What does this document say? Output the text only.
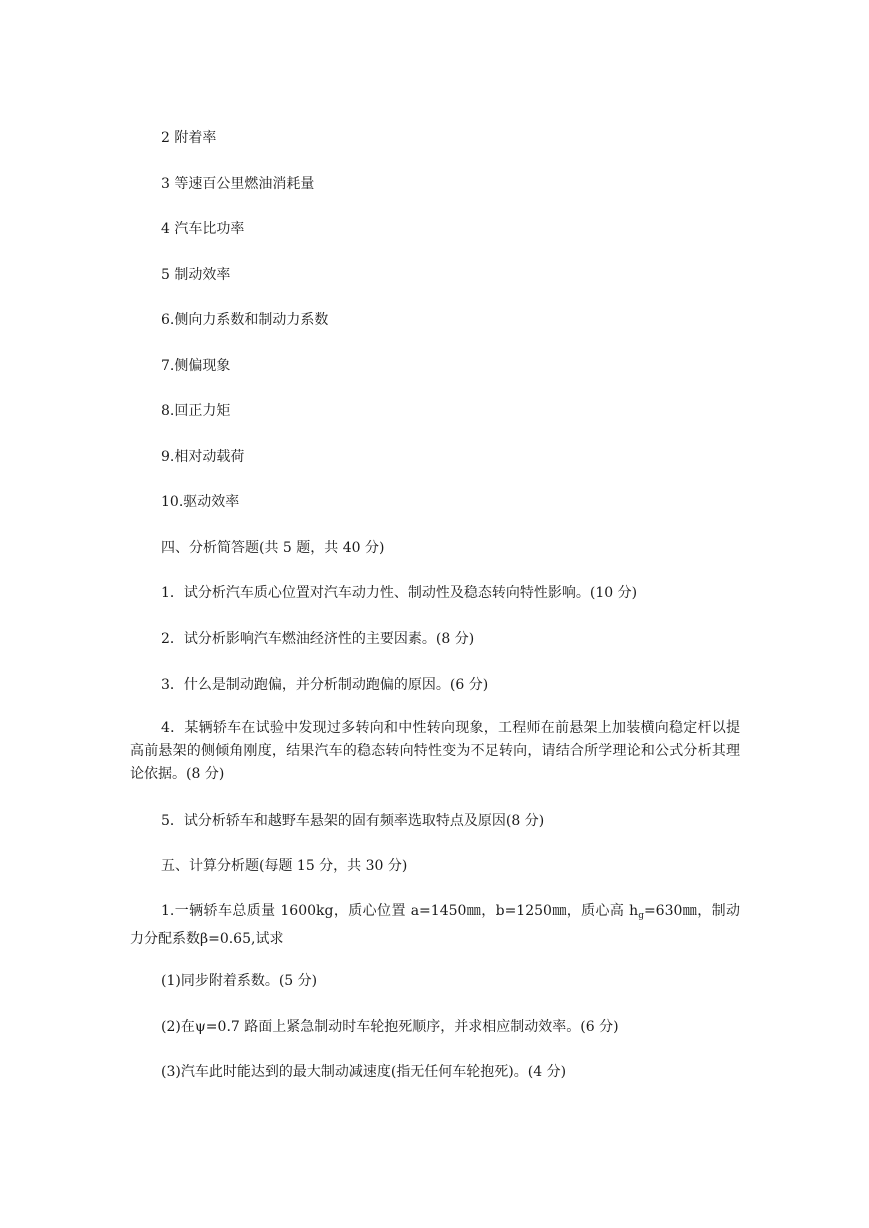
2 附着率

3 等速百公里燃油消耗量

4 汽车比功率

5 制动效率

6.侧向力系数和制动力系数

7.侧偏现象

8.回正力矩

9.相对动载荷

10.驱动效率

四、分析简答题(共 5 题，共 40 分)

1．试分析汽车质心位置对汽车动力性、制动性及稳态转向特性影响。(10 分)

2．试分析影响汽车燃油经济性的主要因素。(8 分)

3．什么是制动跑偏，并分析制动跑偏的原因。(6 分)

4．某辆轿车在试验中发现过多转向和中性转向现象，工程师在前悬架上加装横向稳定杆以提高前悬架的侧倾角刚度，结果汽车的稳态转向特性变为不足转向，请结合所学理论和公式分析其理论依据。(8 分)

5．试分析轿车和越野车悬架的固有频率选取特点及原因(8 分)

五、计算分析题(每题 15 分，共 30 分)

1.一辆轿车总质量 1600kg，质心位置 a=1450㎜，b=1250㎜，质心高 $h_g=630㎜$，制动力分配系数β=0.65,试求

(1)同步附着系数。(5 分)

(2)在ψ=0.7 路面上紧急制动时车轮抱死顺序，并求相应制动效率。(6 分)

(3)汽车此时能达到的最大制动减速度(指无任何车轮抱死)。(4 分)
